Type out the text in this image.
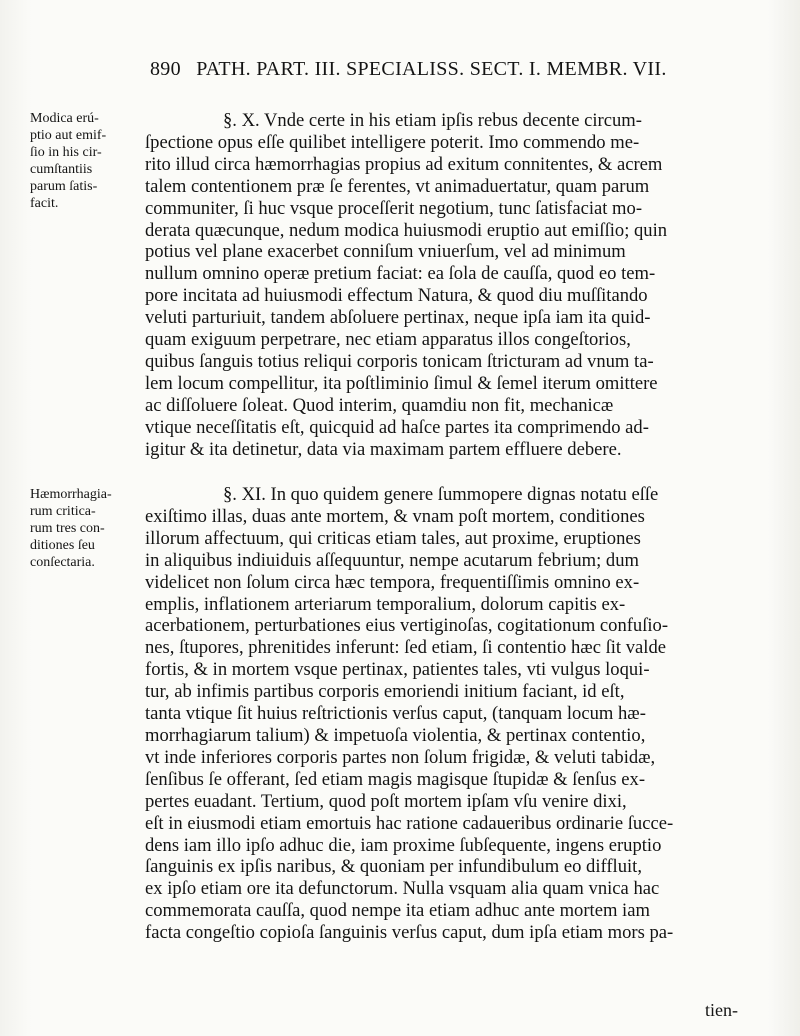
890 PATH. PART. III. SPECIALISS. SECT. I. MEMBR. VII.
Modica erú-
ptio aut emif-
ſio in his cir-
cumſtantiis
parum ſatis-
facit.
Hæmorrhagia-
rum critica-
rum tres con-
ditiones ſeu
conſectaria.
§. X. Vnde certe in his etiam ipſis rebus decente circum-
ſpectione opus eſſe quilibet intelligere poterit. Imo commendo me-
rito illud circa hæmorrhagias propius ad exitum connitentes, & acrem
talem contentionem præ ſe ferentes, vt animaduertatur, quam parum
communiter, ſi huc vsque proceſſerit negotium, tunc ſatisfaciat mo-
derata quæcunque, nedum modica huiusmodi eruptio aut emiſſio; quin
potius vel plane exacerbet conniſum vniuerſum, vel ad minimum
nullum omnino operæ pretium faciat: ea ſola de cauſſa, quod eo tem-
pore incitata ad huiusmodi effectum Natura, & quod diu muſſitando
veluti parturiuit, tandem abſoluere pertinax, neque ipſa iam ita quid-
quam exiguum perpetrare, nec etiam apparatus illos congeſtorios,
quibus ſanguis totius reliqui corporis tonicam ſtricturam ad vnum ta-
lem locum compellitur, ita poſtliminio ſimul & ſemel iterum omittere
ac diſſoluere ſoleat. Quod interim, quamdiu non fit, mechanicæ
vtique neceſſitatis eſt, quicquid ad haſce partes ita comprimendo ad-
igitur & ita detinetur, data via maximam partem effluere debere.
§. XI. In quo quidem genere ſummopere dignas notatu eſſe
exiſtimo illas, duas ante mortem, & vnam poſt mortem, conditiones
illorum affectuum, qui criticas etiam tales, aut proxime, eruptiones
in aliquibus indiuiduis aſſequuntur, nempe acutarum febrium; dum
videlicet non ſolum circa hæc tempora, frequentiſſimis omnino ex-
emplis, inflationem arteriarum temporalium, dolorum capitis ex-
acerbationem, perturbationes eius vertiginoſas, cogitationum confuſio-
nes, ſtupores, phrenitides inferunt: ſed etiam, ſi contentio hæc ſit valde
fortis, & in mortem vsque pertinax, patientes tales, vti vulgus loqui-
tur, ab infimis partibus corporis emoriendi initium faciant, id eſt,
tanta vtique ſit huius reſtrictionis verſus caput, (tanquam locum hæ-
morrhagiarum talium) & impetuoſa violentia, & pertinax contentio,
vt inde inferiores corporis partes non ſolum frigidæ, & veluti tabidæ,
ſenſibus ſe offerant, ſed etiam magis magisque ſtupidæ & ſenſus ex-
pertes euadant. Tertium, quod poſt mortem ipſam vſu venire dixi,
eſt in eiusmodi etiam emortuis hac ratione cadaueribus ordinarie ſucce-
dens iam illo ipſo adhuc die, iam proxime ſubſequente, ingens eruptio
ſanguinis ex ipſis naribus, & quoniam per infundibulum eo diffluit,
ex ipſo etiam ore ita defunctorum. Nulla vsquam alia quam vnica hac
commemorata cauſſa, quod nempe ita etiam adhuc ante mortem iam
facta congeſtio copioſa ſanguinis verſus caput, dum ipſa etiam mors pa-
tien-
